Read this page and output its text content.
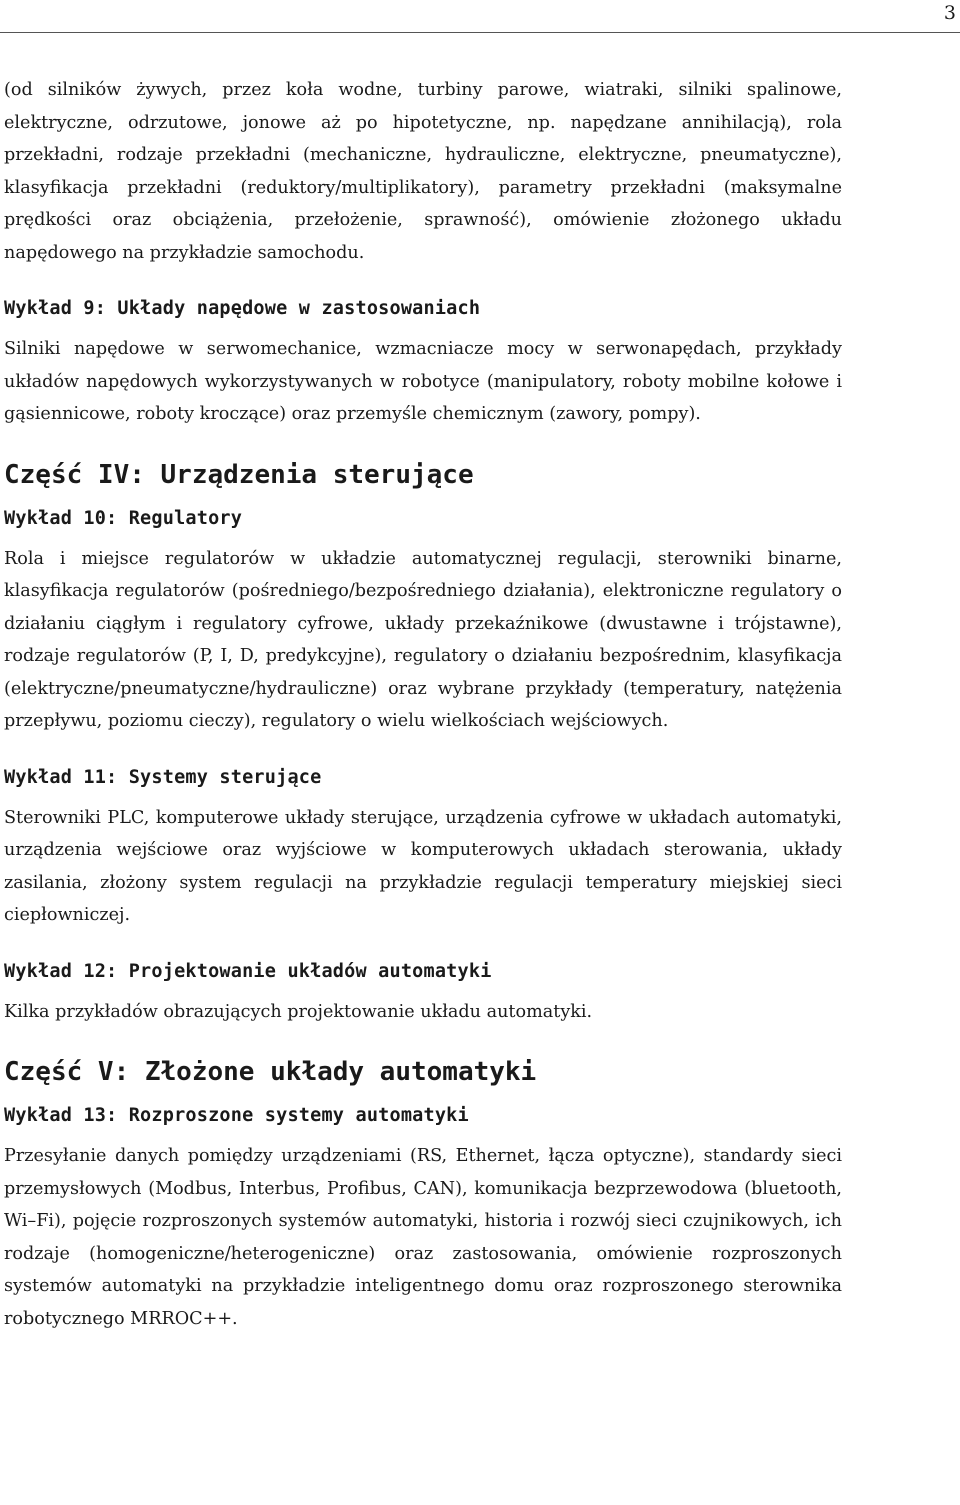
3

(od silników żywych, przez koła wodne, turbiny parowe, wiatraki, silniki spalinowe, elektryczne, odrzutowe, jonowe aż po hipotetyczne, np. napędzane annihilacją), rola przekładni, rodzaje przekładni (mechaniczne, hydrauliczne, elektryczne, pneumatyczne), klasyfikacja przekładni (reduktory/multiplikatory), parametry przekładni (maksymalne prędkości oraz obciążenia, przełożenie, sprawność), omówienie złożonego układu napędowego na przykładzie samochodu.

Wykład 9: Układy napędowe w zastosowaniach

Silniki napędowe w serwomechanice, wzmacniacze mocy w serwonapędach, przykłady układów napędowych wykorzystywanych w robotyce (manipulatory, roboty mobilne kołowe i gąsiennicowe, roboty kroczące) oraz przemyśle chemicznym (zawory, pompy).

Część IV: Urządzenia sterujące
Wykład 10: Regulatory

Rola i miejsce regulatorów w układzie automatycznej regulacji, sterowniki binarne, klasyfikacja regulatorów (pośredniego/bezpośredniego działania), elektroniczne regulatory o działaniu ciągłym i regulatory cyfrowe, układy przekaźnikowe (dwustawne i trójstawne), rodzaje regulatorów (P, I, D, predykcyjne), regulatory o działaniu bezpośrednim, klasyfikacja (elektryczne/pneumatyczne/hydrauliczne) oraz wybrane przykłady (temperatury, natężenia przepływu, poziomu cieczy), regulatory o wielu wielkościach wejściowych.

Wykład 11: Systemy sterujące

Sterowniki PLC, komputerowe układy sterujące, urządzenia cyfrowe w układach automatyki, urządzenia wejściowe oraz wyjściowe w komputerowych układach sterowania, układy zasilania, złożony system regulacji na przykładzie regulacji temperatury miejskiej sieci ciepłowniczej.

Wykład 12: Projektowanie układów automatyki

Kilka przykładów obrazujących projektowanie układu automatyki.

Część V: Złożone układy automatyki
Wykład 13: Rozproszone systemy automatyki

Przesyłanie danych pomiędzy urządzeniami (RS, Ethernet, łącza optyczne), standardy sieci przemysłowych (Modbus, Interbus, Profibus, CAN), komunikacja bezprzewodowa (bluetooth, Wi–Fi), pojęcie rozproszonych systemów automatyki, historia i rozwój sieci czujnikowych, ich rodzaje (homogeniczne/heterogeniczne) oraz zastosowania, omówienie rozproszonych systemów automatyki na przykładzie inteligentnego domu oraz rozproszonego sterownika robotycznego MRROC++.
